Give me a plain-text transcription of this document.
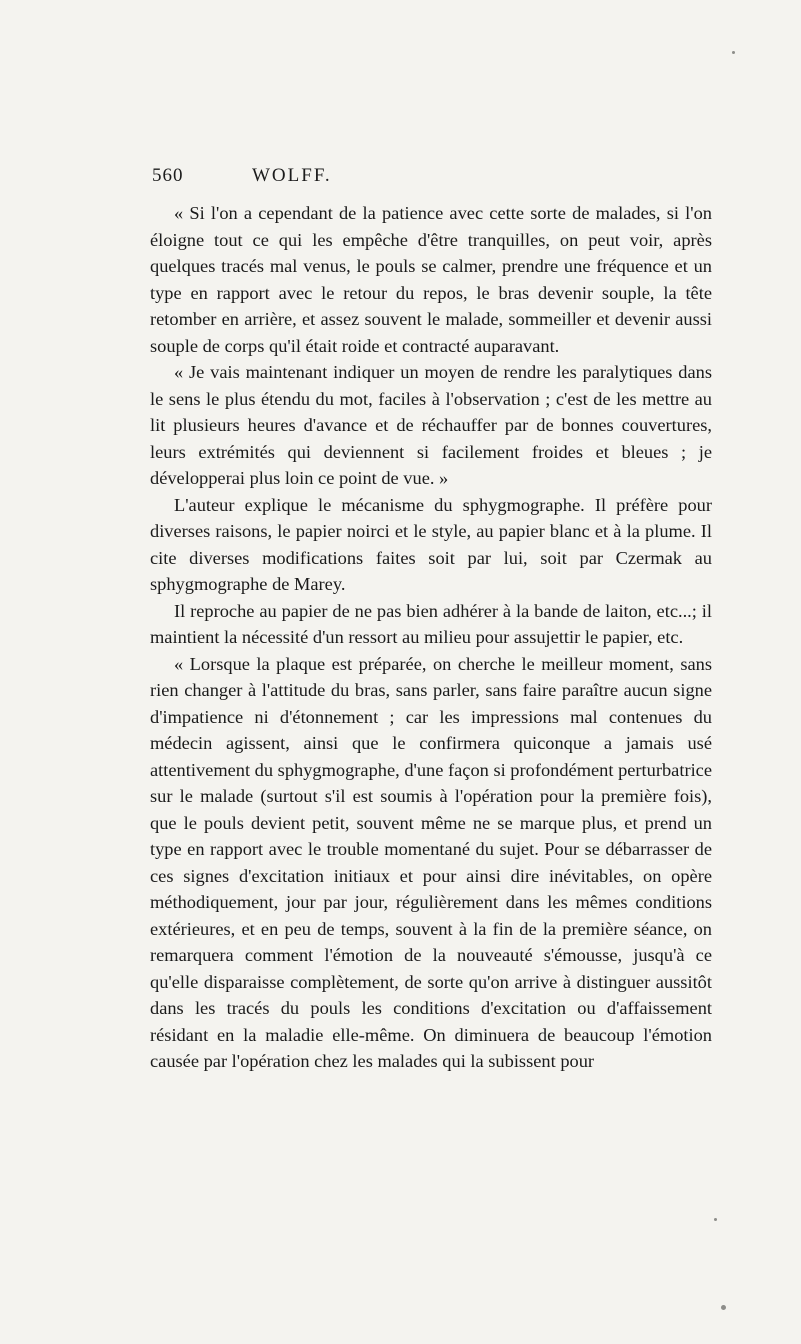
560	WOLFF.

« Si l'on a cependant de la patience avec cette sorte de malades, si l'on éloigne tout ce qui les empêche d'être tranquilles, on peut voir, après quelques tracés mal venus, le pouls se calmer, prendre une fréquence et un type en rapport avec le retour du repos, le bras devenir souple, la tête retomber en arrière, et assez souvent le malade, sommeiller et devenir aussi souple de corps qu'il était roide et contracté auparavant.

« Je vais maintenant indiquer un moyen de rendre les paralytiques dans le sens le plus étendu du mot, faciles à l'observation ; c'est de les mettre au lit plusieurs heures d'avance et de réchauffer par de bonnes couvertures, leurs extrémités qui deviennent si facilement froides et bleues ; je développerai plus loin ce point de vue. »

L'auteur explique le mécanisme du sphygmographe. Il préfère pour diverses raisons, le papier noirci et le style, au papier blanc et à la plume. Il cite diverses modifications faites soit par lui, soit par Czermak au sphygmographe de Marey.

Il reproche au papier de ne pas bien adhérer à la bande de laiton, etc...; il maintient la nécessité d'un ressort au milieu pour assujettir le papier, etc.

« Lorsque la plaque est préparée, on cherche le meilleur moment, sans rien changer à l'attitude du bras, sans parler, sans faire paraître aucun signe d'impatience ni d'étonnement ; car les impressions mal contenues du médecin agissent, ainsi que le confirmera quiconque a jamais usé attentivement du sphygmographe, d'une façon si profondément perturbatrice sur le malade (surtout s'il est soumis à l'opération pour la première fois), que le pouls devient petit, souvent même ne se marque plus, et prend un type en rapport avec le trouble momentané du sujet. Pour se débarrasser de ces signes d'excitation initiaux et pour ainsi dire inévitables, on opère méthodiquement, jour par jour, régulièrement dans les mêmes conditions extérieures, et en peu de temps, souvent à la fin de la première séance, on remarquera comment l'émotion de la nouveauté s'émousse, jusqu'à ce qu'elle disparaisse complètement, de sorte qu'on arrive à distinguer aussitôt dans les tracés du pouls les conditions d'excitation ou d'affaissement résidant en la maladie elle-même. On diminuera de beaucoup l'émotion causée par l'opération chez les malades qui la subissent pour
